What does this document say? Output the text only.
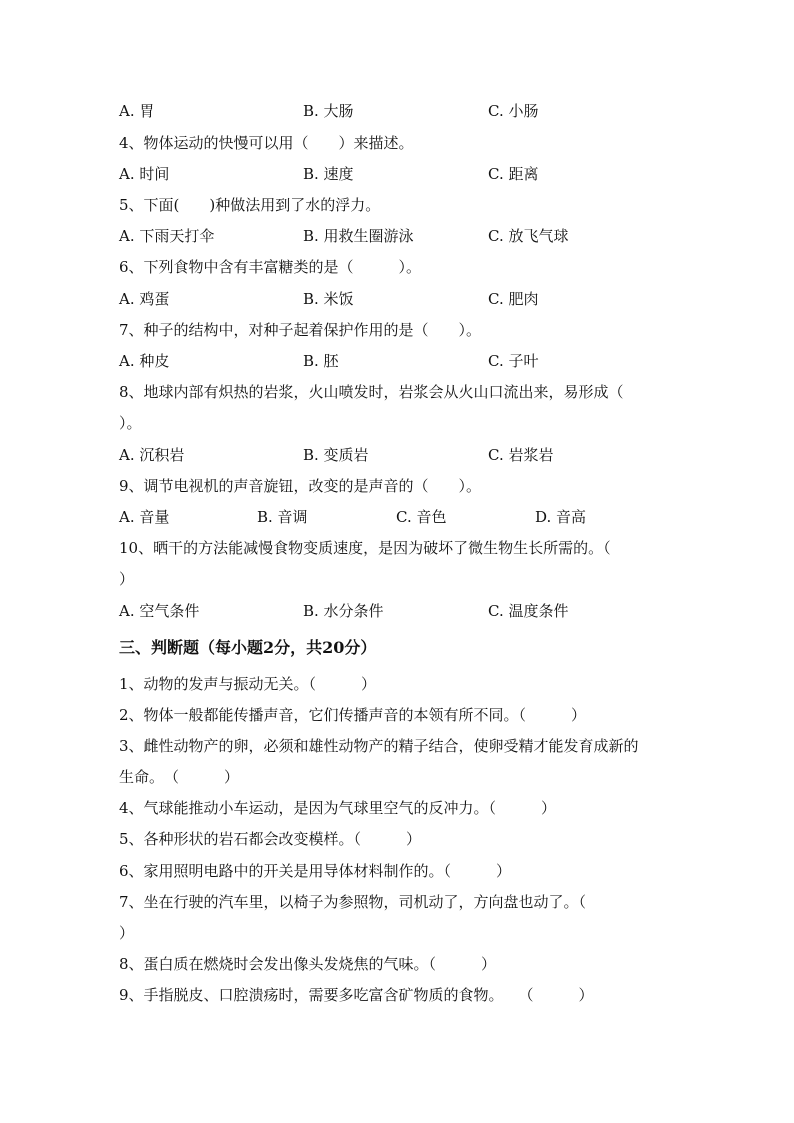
A. 胃	B. 大肠	C. 小肠
4、物体运动的快慢可以用（　　）来描述。
A. 时间	B. 速度	C. 距离
5、下面(　　)种做法用到了水的浮力。
A. 下雨天打伞	B. 用救生圈游泳	C. 放飞气球
6、下列食物中含有丰富糖类的是（　　　）。
A. 鸡蛋	B. 米饭	C. 肥肉
7、种子的结构中，对种子起着保护作用的是（　　）。
A. 种皮	B. 胚	C. 子叶
8、地球内部有炽热的岩浆，火山喷发时，岩浆会从火山口流出来，易形成（
）。
A. 沉积岩	B. 变质岩	C. 岩浆岩
9、调节电视机的声音旋钮，改变的是声音的（　　）。
A. 音量	B. 音调	C. 音色	D. 音高
10、晒干的方法能减慢食物变质速度，是因为破坏了微生物生长所需的。（
）
A. 空气条件	B. 水分条件	C. 温度条件
三、判断题（每小题2分，共20分）
1、动物的发声与振动无关。（　　　）
2、物体一般都能传播声音，它们传播声音的本领有所不同。（　　　）
3、雌性动物产的卵，必须和雄性动物产的精子结合，使卵受精才能发育成新的
生命。　（　　　）
4、气球能推动小车运动，是因为气球里空气的反冲力。（　　　）
5、各种形状的岩石都会改变模样。（　　　）
6、家用照明电路中的开关是用导体材料制作的。（　　　）
7、坐在行驶的汽车里，以椅子为参照物，司机动了，方向盘也动了。（
）
8、蛋白质在燃烧时会发出像头发烧焦的气味。（　　　）
9、手指脱皮、口腔溃疡时，需要多吃富含矿物质的食物。　　（　　　）
